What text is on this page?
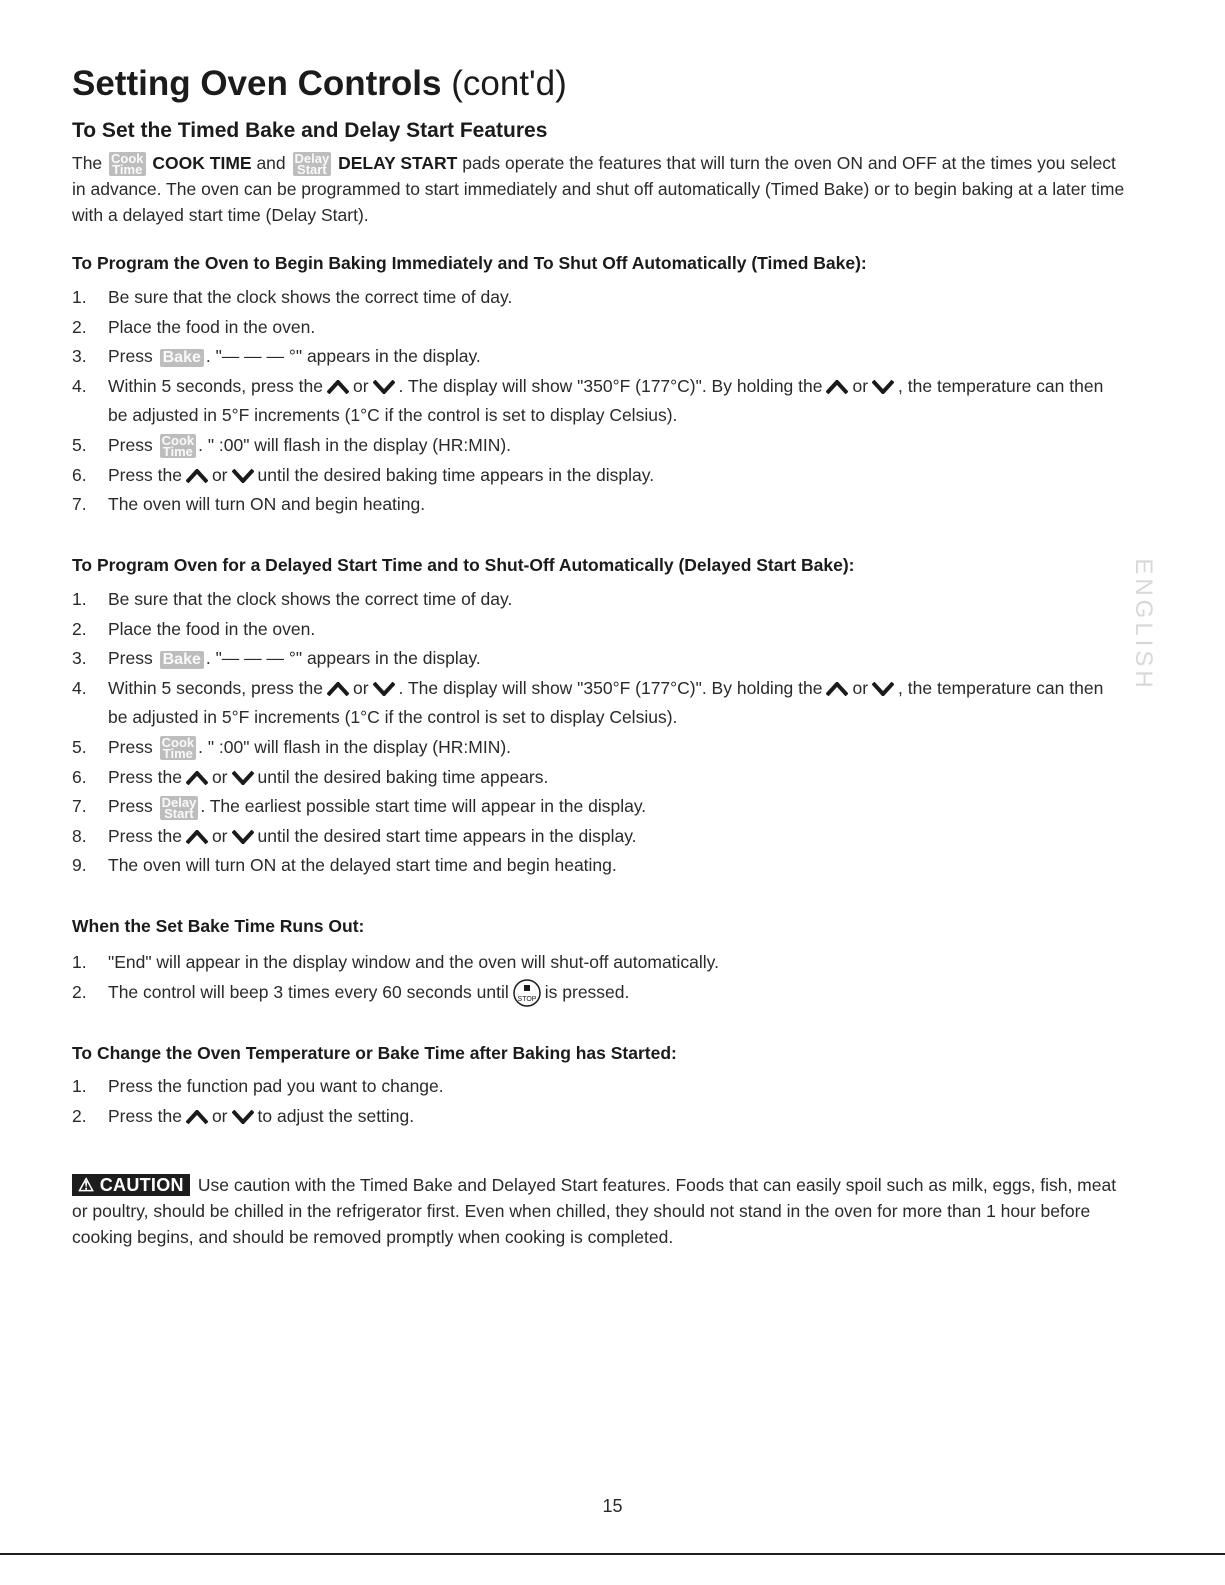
Setting Oven Controls (cont'd)
To Set the Timed Bake and Delay Start Features

The Cook
Time COOK TIME and Delay
Start DELAY START pads operate the features that will turn the oven ON and OFF at the times you select in advance. The oven can be programmed to start immediately and shut off automatically (Timed Bake) or to begin baking at a later time with a delayed start time (Delay Start).

To Program the Oven to Begin Baking Immediately and To Shut Off Automatically (Timed Bake):
1. Be sure that the clock shows the correct time of day.
2. Place the food in the oven.
3. Press Bake . "— — — °" appears in the display.
4. Within 5 seconds, press the or . The display will show "350°F (177°C)". By holding the or , the temperature can then be adjusted in 5°F increments (1°C if the control is set to display Celsius).
5. Press Cook
Time . " :00" will flash in the display (HR:MIN).
6. Press the or until the desired baking time appears in the display.
7. The oven will turn ON and begin heating.
To Program Oven for a Delayed Start Time and to Shut-Off Automatically (Delayed Start Bake):
1. Be sure that the clock shows the correct time of day.
2. Place the food in the oven.
3. Press Bake . "— — — °" appears in the display.
4. Within 5 seconds, press the or . The display will show "350°F (177°C)". By holding the or , the temperature can then be adjusted in 5°F increments (1°C if the control is set to display Celsius).
5. Press Cook
Time . " :00" will flash in the display (HR:MIN).
6. Press the or until the desired baking time appears.
7. Press Delay
Start . The earliest possible start time will appear in the display.
8. Press the or until the desired start time appears in the display.
9. The oven will turn ON at the delayed start time and begin heating.
When the Set Bake Time Runs Out:
1. "End" will appear in the display window and the oven will shut-off automatically.
2. The control will beep 3 times every 60 seconds until STOP is pressed.
To Change the Oven Temperature or Bake Time after Baking has Started:
1. Press the function pad you want to change.
2. Press the or to adjust the setting.

⚠ CAUTION Use caution with the Timed Bake and Delayed Start features. Foods that can easily spoil such as milk, eggs, fish, meat or poultry, should be chilled in the refrigerator first. Even when chilled, they should not stand in the oven for more than 1 hour before cooking begins, and should be removed promptly when cooking is completed.

ENGLISH
15
